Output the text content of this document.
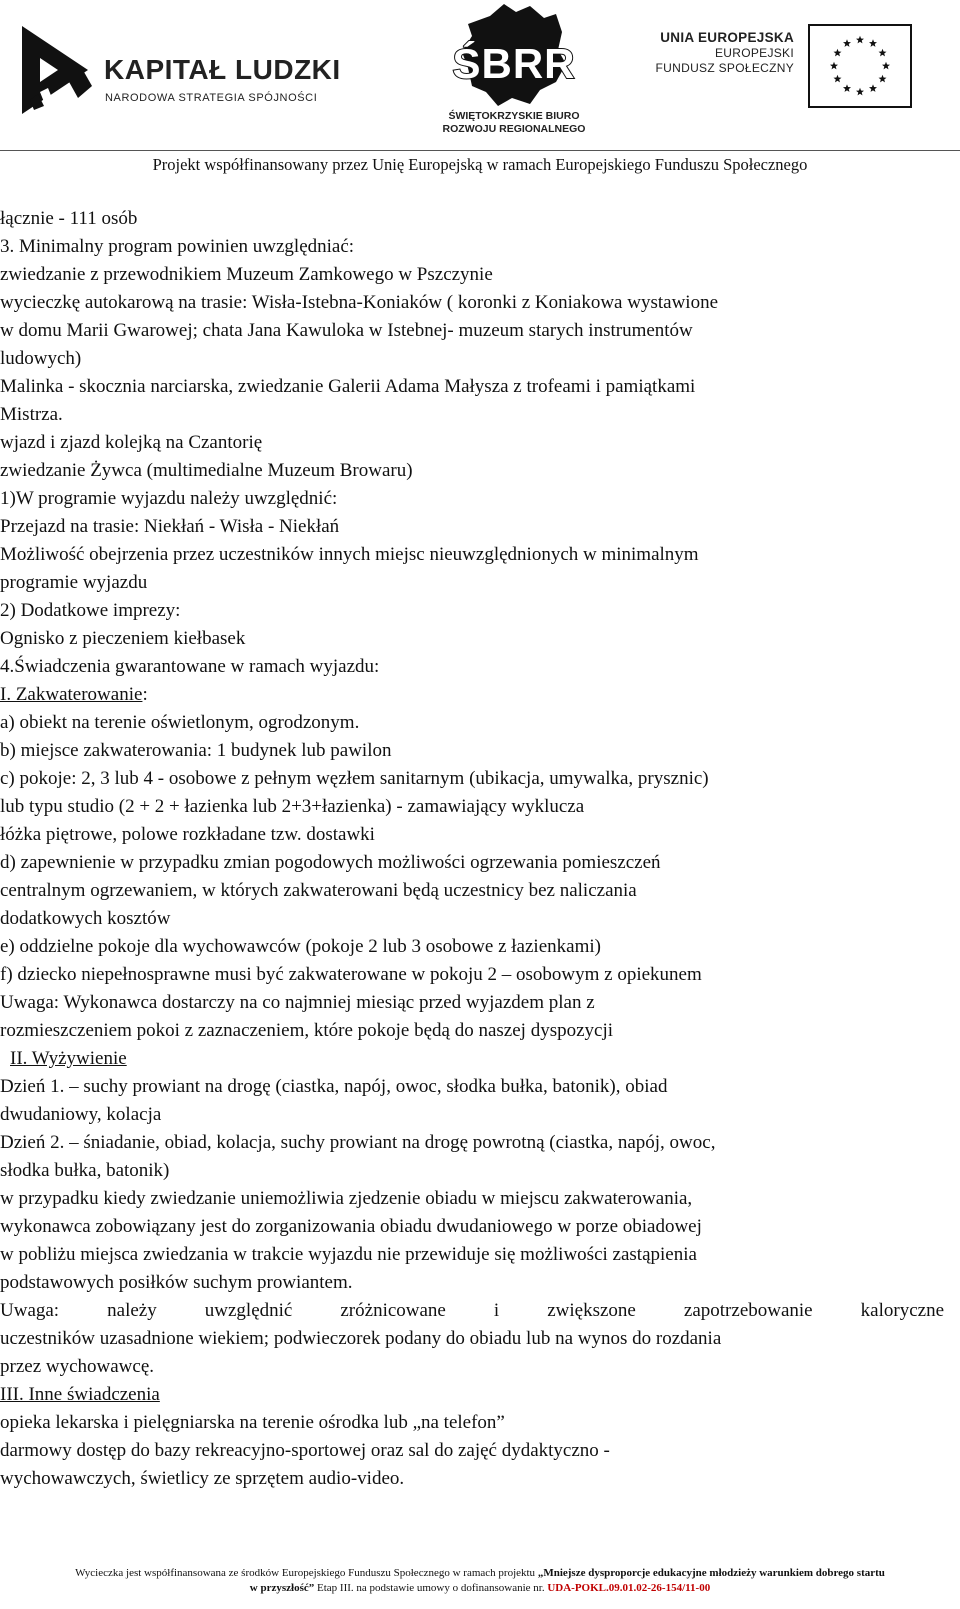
KAPITAŁ LUDZKI
NARODOWA STRATEGIA SPÓJNOŚCI
ŚBRR
ŚWIĘTOKRZYSKIE BIURO
ROZWOJU REGIONALNEGO
UNIA EUROPEJSKA
EUROPEJSKI
FUNDUSZ SPOŁECZNY
Projekt współfinansowany przez Unię Europejską w ramach Europejskiego Funduszu Społecznego
łącznie - 111 osób
3. Minimalny program powinien uwzględniać:
zwiedzanie z przewodnikiem Muzeum Zamkowego w Pszczynie
wycieczkę autokarową na trasie: Wisła-Istebna-Koniaków ( koronki z Koniakowa wystawione
w domu Marii Gwarowej; chata Jana Kawuloka w Istebnej- muzeum starych instrumentów
ludowych)
Malinka - skocznia narciarska, zwiedzanie Galerii Adama Małysza z trofeami i pamiątkami
Mistrza.
wjazd i zjazd kolejką na Czantorię
zwiedzanie Żywca (multimedialne Muzeum Browaru)
1)W programie wyjazdu należy uwzględnić:
Przejazd na trasie: Niekłań - Wisła - Niekłań
Możliwość obejrzenia przez uczestników innych miejsc nieuwzględnionych w minimalnym
programie wyjazdu
2) Dodatkowe imprezy:
Ognisko z pieczeniem kiełbasek
4.Świadczenia gwarantowane w ramach wyjazdu:
I. Zakwaterowanie:
a) obiekt na terenie oświetlonym, ogrodzonym.
b) miejsce zakwaterowania: 1 budynek lub pawilon
c) pokoje: 2, 3 lub 4 - osobowe z pełnym węzłem sanitarnym (ubikacja, umywalka, prysznic)
lub typu studio (2 + 2 + łazienka lub 2+3+łazienka) - zamawiający wyklucza
łóżka piętrowe, polowe rozkładane tzw. dostawki
d) zapewnienie w przypadku zmian pogodowych możliwości ogrzewania pomieszczeń
centralnym ogrzewaniem, w których zakwaterowani będą uczestnicy bez naliczania
dodatkowych kosztów
e) oddzielne pokoje dla wychowawców (pokoje 2 lub 3 osobowe z łazienkami)
f) dziecko niepełnosprawne musi być zakwaterowane w pokoju 2 – osobowym z opiekunem
Uwaga: Wykonawca dostarczy na co najmniej miesiąc przed wyjazdem plan z
rozmieszczeniem pokoi z zaznaczeniem, które pokoje będą do naszej dyspozycji
II. Wyżywienie
Dzień 1. – suchy prowiant na drogę (ciastka, napój, owoc, słodka bułka, batonik), obiad
dwudaniowy, kolacja
Dzień 2. – śniadanie, obiad, kolacja, suchy prowiant na drogę powrotną (ciastka, napój, owoc,
słodka bułka, batonik)
w przypadku kiedy zwiedzanie uniemożliwia zjedzenie obiadu w miejscu zakwaterowania,
wykonawca zobowiązany jest do zorganizowania obiadu dwudaniowego w porze obiadowej
w pobliżu miejsca zwiedzania w trakcie wyjazdu nie przewiduje się możliwości zastąpienia
podstawowych posiłków suchym prowiantem.
Uwaga: należy uwzględnić zróżnicowane i zwiększone zapotrzebowanie kaloryczne
uczestników uzasadnione wiekiem; podwieczorek podany do obiadu lub na wynos do rozdania
przez wychowawcę.
III. Inne świadczenia
opieka lekarska i pielęgniarska na terenie ośrodka lub „na telefon”
darmowy dostęp do bazy rekreacyjno-sportowej oraz sal do zajęć dydaktyczno -
wychowawczych, świetlicy ze sprzętem audio-video.
Wycieczka jest współfinansowana ze środków Europejskiego Funduszu Społecznego w ramach projektu „Mniejsze dysproporcje edukacyjne młodzieży warunkiem dobrego startu
w przyszłość” Etap III. na podstawie umowy o dofinansowanie nr. UDA-POKL.09.01.02-26-154/11-00
